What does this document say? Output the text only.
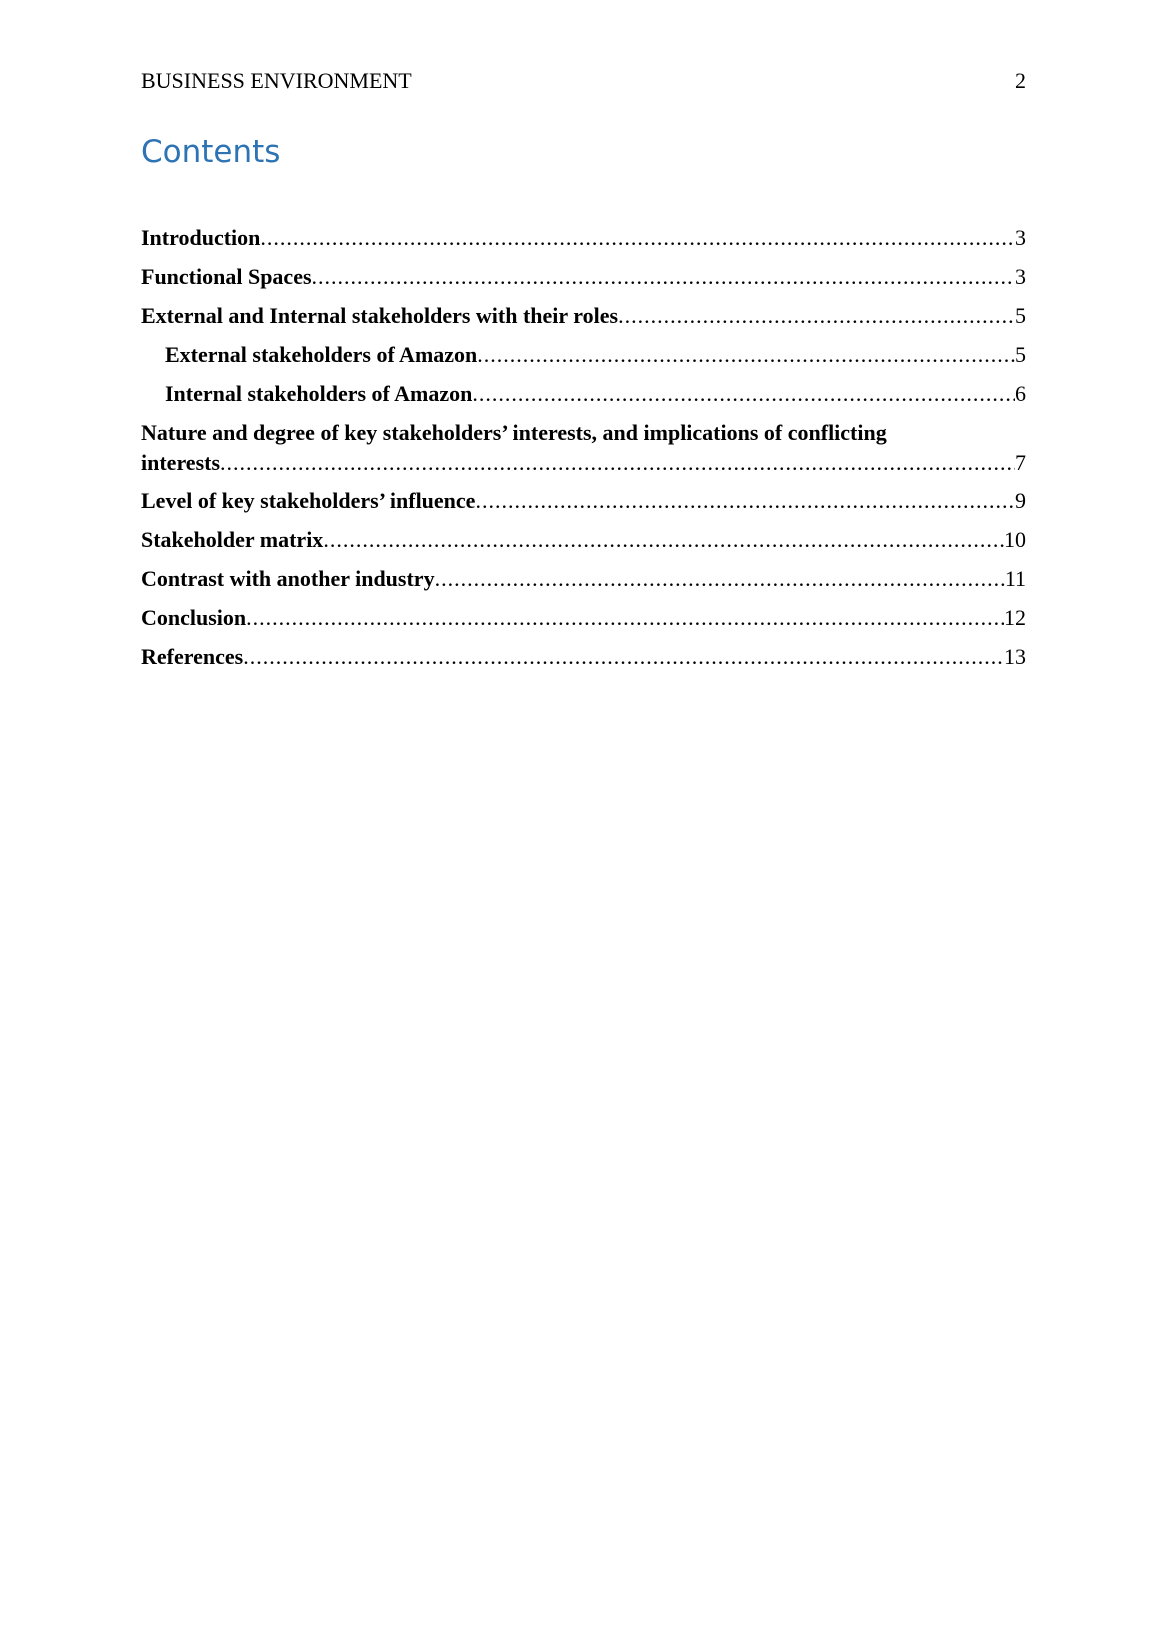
BUSINESS ENVIRONMENT	2
Contents
Introduction .....	3
Functional Spaces .....	3
External and Internal stakeholders with their roles .....	5
External stakeholders of Amazon .....	5
Internal stakeholders of Amazon .....	6
Nature and degree of key stakeholders’ interests, and implications of conflicting
interests .....	7
Level of key stakeholders’ influence .....	9
Stakeholder matrix .....	10
Contrast with another industry .....	11
Conclusion .....	12
References .....	13
